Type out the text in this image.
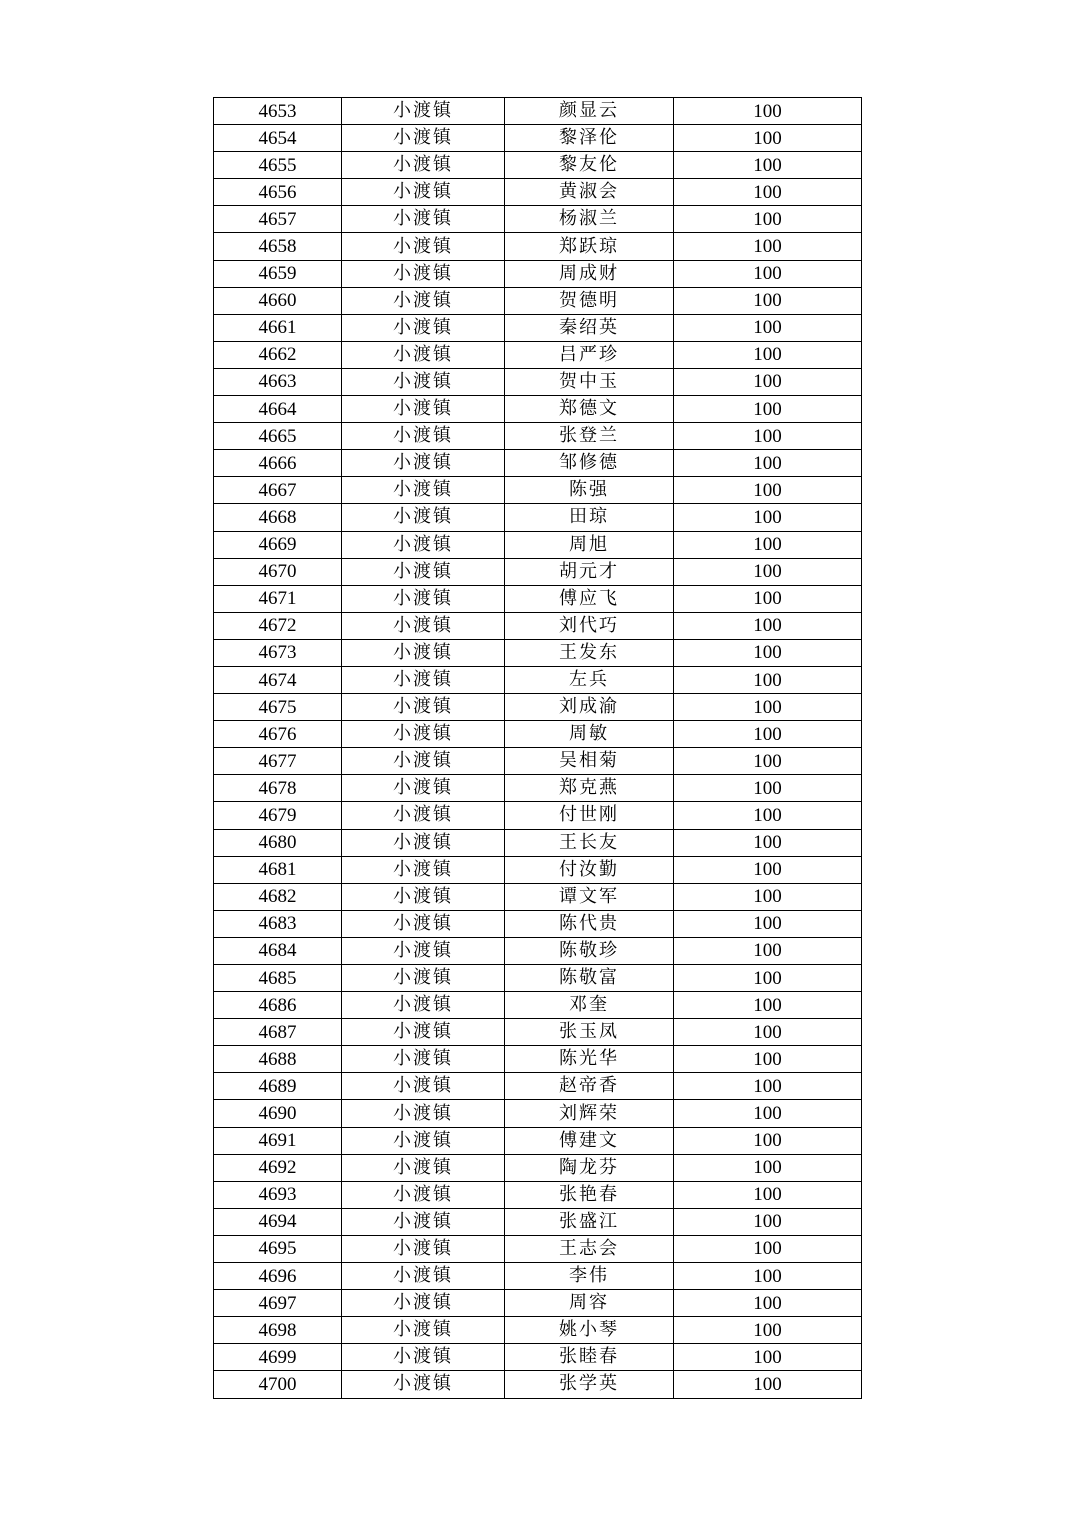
4653	小渡镇	颜显云	100
4654	小渡镇	黎泽伦	100
4655	小渡镇	黎友伦	100
4656	小渡镇	黄淑会	100
4657	小渡镇	杨淑兰	100
4658	小渡镇	郑跃琼	100
4659	小渡镇	周成财	100
4660	小渡镇	贺德明	100
4661	小渡镇	秦绍英	100
4662	小渡镇	吕严珍	100
4663	小渡镇	贺中玉	100
4664	小渡镇	郑德文	100
4665	小渡镇	张登兰	100
4666	小渡镇	邹修德	100
4667	小渡镇	陈强	100
4668	小渡镇	田琼	100
4669	小渡镇	周旭	100
4670	小渡镇	胡元才	100
4671	小渡镇	傅应飞	100
4672	小渡镇	刘代巧	100
4673	小渡镇	王发东	100
4674	小渡镇	左兵	100
4675	小渡镇	刘成渝	100
4676	小渡镇	周敏	100
4677	小渡镇	吴相菊	100
4678	小渡镇	郑克燕	100
4679	小渡镇	付世刚	100
4680	小渡镇	王长友	100
4681	小渡镇	付汝勤	100
4682	小渡镇	谭文军	100
4683	小渡镇	陈代贵	100
4684	小渡镇	陈敬珍	100
4685	小渡镇	陈敬富	100
4686	小渡镇	邓奎	100
4687	小渡镇	张玉凤	100
4688	小渡镇	陈光华	100
4689	小渡镇	赵帝香	100
4690	小渡镇	刘辉荣	100
4691	小渡镇	傅建文	100
4692	小渡镇	陶龙芬	100
4693	小渡镇	张艳春	100
4694	小渡镇	张盛江	100
4695	小渡镇	王志会	100
4696	小渡镇	李伟	100
4697	小渡镇	周容	100
4698	小渡镇	姚小琴	100
4699	小渡镇	张睦春	100
4700	小渡镇	张学英	100
